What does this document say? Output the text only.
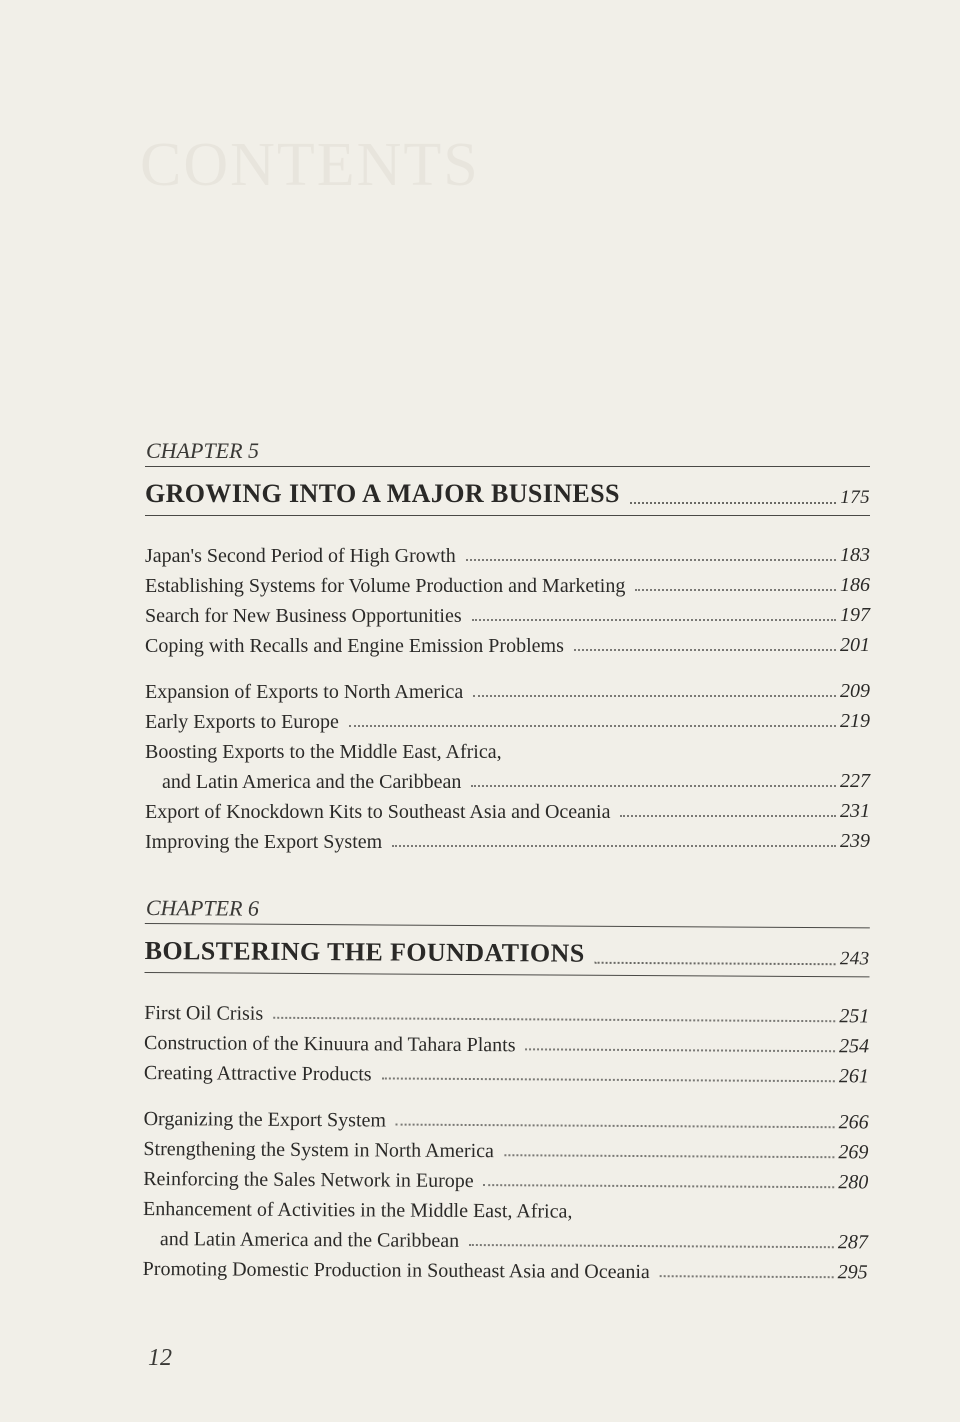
CONTENTS
CHAPTER 5
GROWING INTO A MAJOR BUSINESS	175
Japan's Second Period of High Growth	183
Establishing Systems for Volume Production and Marketing	186
Search for New Business Opportunities	197
Coping with Recalls and Engine Emission Problems	201
Expansion of Exports to North America	209
Early Exports to Europe	219
Boosting Exports to the Middle East, Africa,
and Latin America and the Caribbean	227
Export of Knockdown Kits to Southeast Asia and Oceania	231
Improving the Export System	239
CHAPTER 6
BOLSTERING THE FOUNDATIONS	243
First Oil Crisis	251
Construction of the Kinuura and Tahara Plants	254
Creating Attractive Products	261
Organizing the Export System	266
Strengthening the System in North America	269
Reinforcing the Sales Network in Europe	280
Enhancement of Activities in the Middle East, Africa,
and Latin America and the Caribbean	287
Promoting Domestic Production in Southeast Asia and Oceania	295
12
